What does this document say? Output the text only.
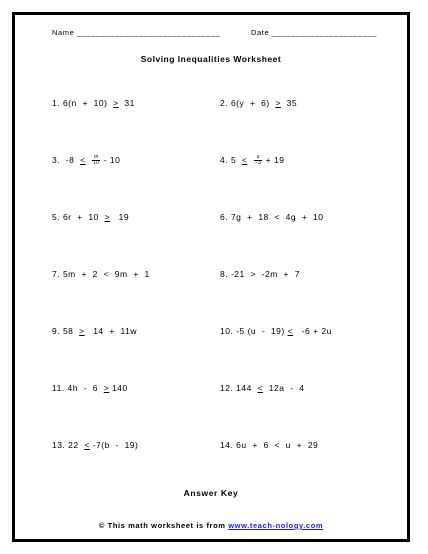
Name ______________________________	Date ______________________
Solving Inequalities Worksheet
1. 6(n  +  10)  >  31	2. 6(y  +  6)  ≥  35
3.  $-8 \le \frac{m}{10} - 10$	4. $5 \le \frac{u}{-3} + 19$
5. 6r  +  10  >   19	6. 7g  +  18  <  4g  +  10
7. 5m  +  2  <  9m  +  1	8. -21  >  -2m  +  7
9. 58  ≥   14  +  11w	10. -5 (u  -  19) ≤   -6 + 2u
11. 4h  -  6  > 140	12. 144  ≤  12a  -  4
13. 22  ≤ -7(b  -  19)	14. 6u  +  6  <  u  +  29
Answer Key
© This math worksheet is from www.teach-nology.com
